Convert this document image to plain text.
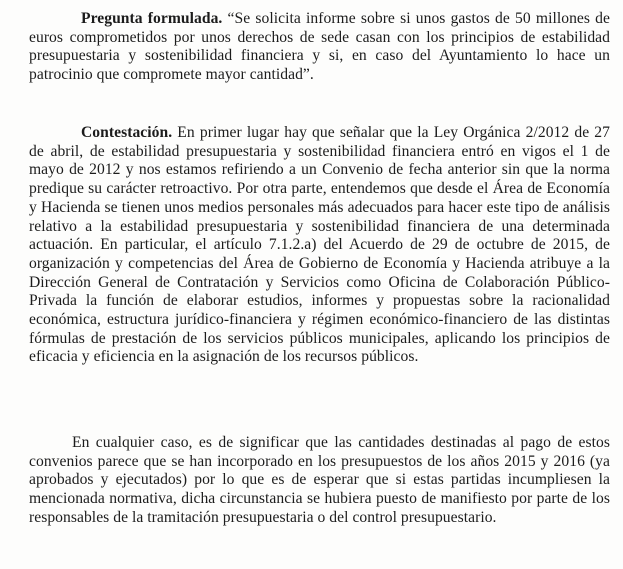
Pregunta formulada. “Se solicita informe sobre si unos gastos de 50 millones de euros comprometidos por unos derechos de sede casan con los principios de estabilidad presupuestaria y sostenibilidad financiera y si, en caso del Ayuntamiento lo hace un patrocinio que compromete mayor cantidad”.

Contestación. En primer lugar hay que señalar que la Ley Orgánica 2/2012 de 27 de abril, de estabilidad presupuestaria y sostenibilidad financiera entró en vigos el 1 de mayo de 2012 y nos estamos refiriendo a un Convenio de fecha anterior sin que la norma predique su carácter retroactivo. Por otra parte, entendemos que desde el Área de Economía y Hacienda se tienen unos medios personales más adecuados para hacer este tipo de análisis relativo a la estabilidad presupuestaria y sostenibilidad financiera de una determinada actuación. En particular, el artículo 7.1.2.a) del Acuerdo de 29 de octubre de 2015, de organización y competencias del Área de Gobierno de Economía y Hacienda atribuye a la Dirección General de Contratación y Servicios como Oficina de Colaboración Público-Privada la función de elaborar estudios, informes y propuestas sobre la racionalidad económica, estructura jurídico-financiera y régimen económico-financiero de las distintas fórmulas de prestación de los servicios públicos municipales, aplicando los principios de eficacia y eficiencia en la asignación de los recursos públicos.

En cualquier caso, es de significar que las cantidades destinadas al pago de estos convenios parece que se han incorporado en los presupuestos de los años 2015 y 2016 (ya aprobados y ejecutados) por lo que es de esperar que si estas partidas incumpliesen la mencionada normativa, dicha circunstancia se hubiera puesto de manifiesto por parte de los responsables de la tramitación presupuestaria o del control presupuestario.
